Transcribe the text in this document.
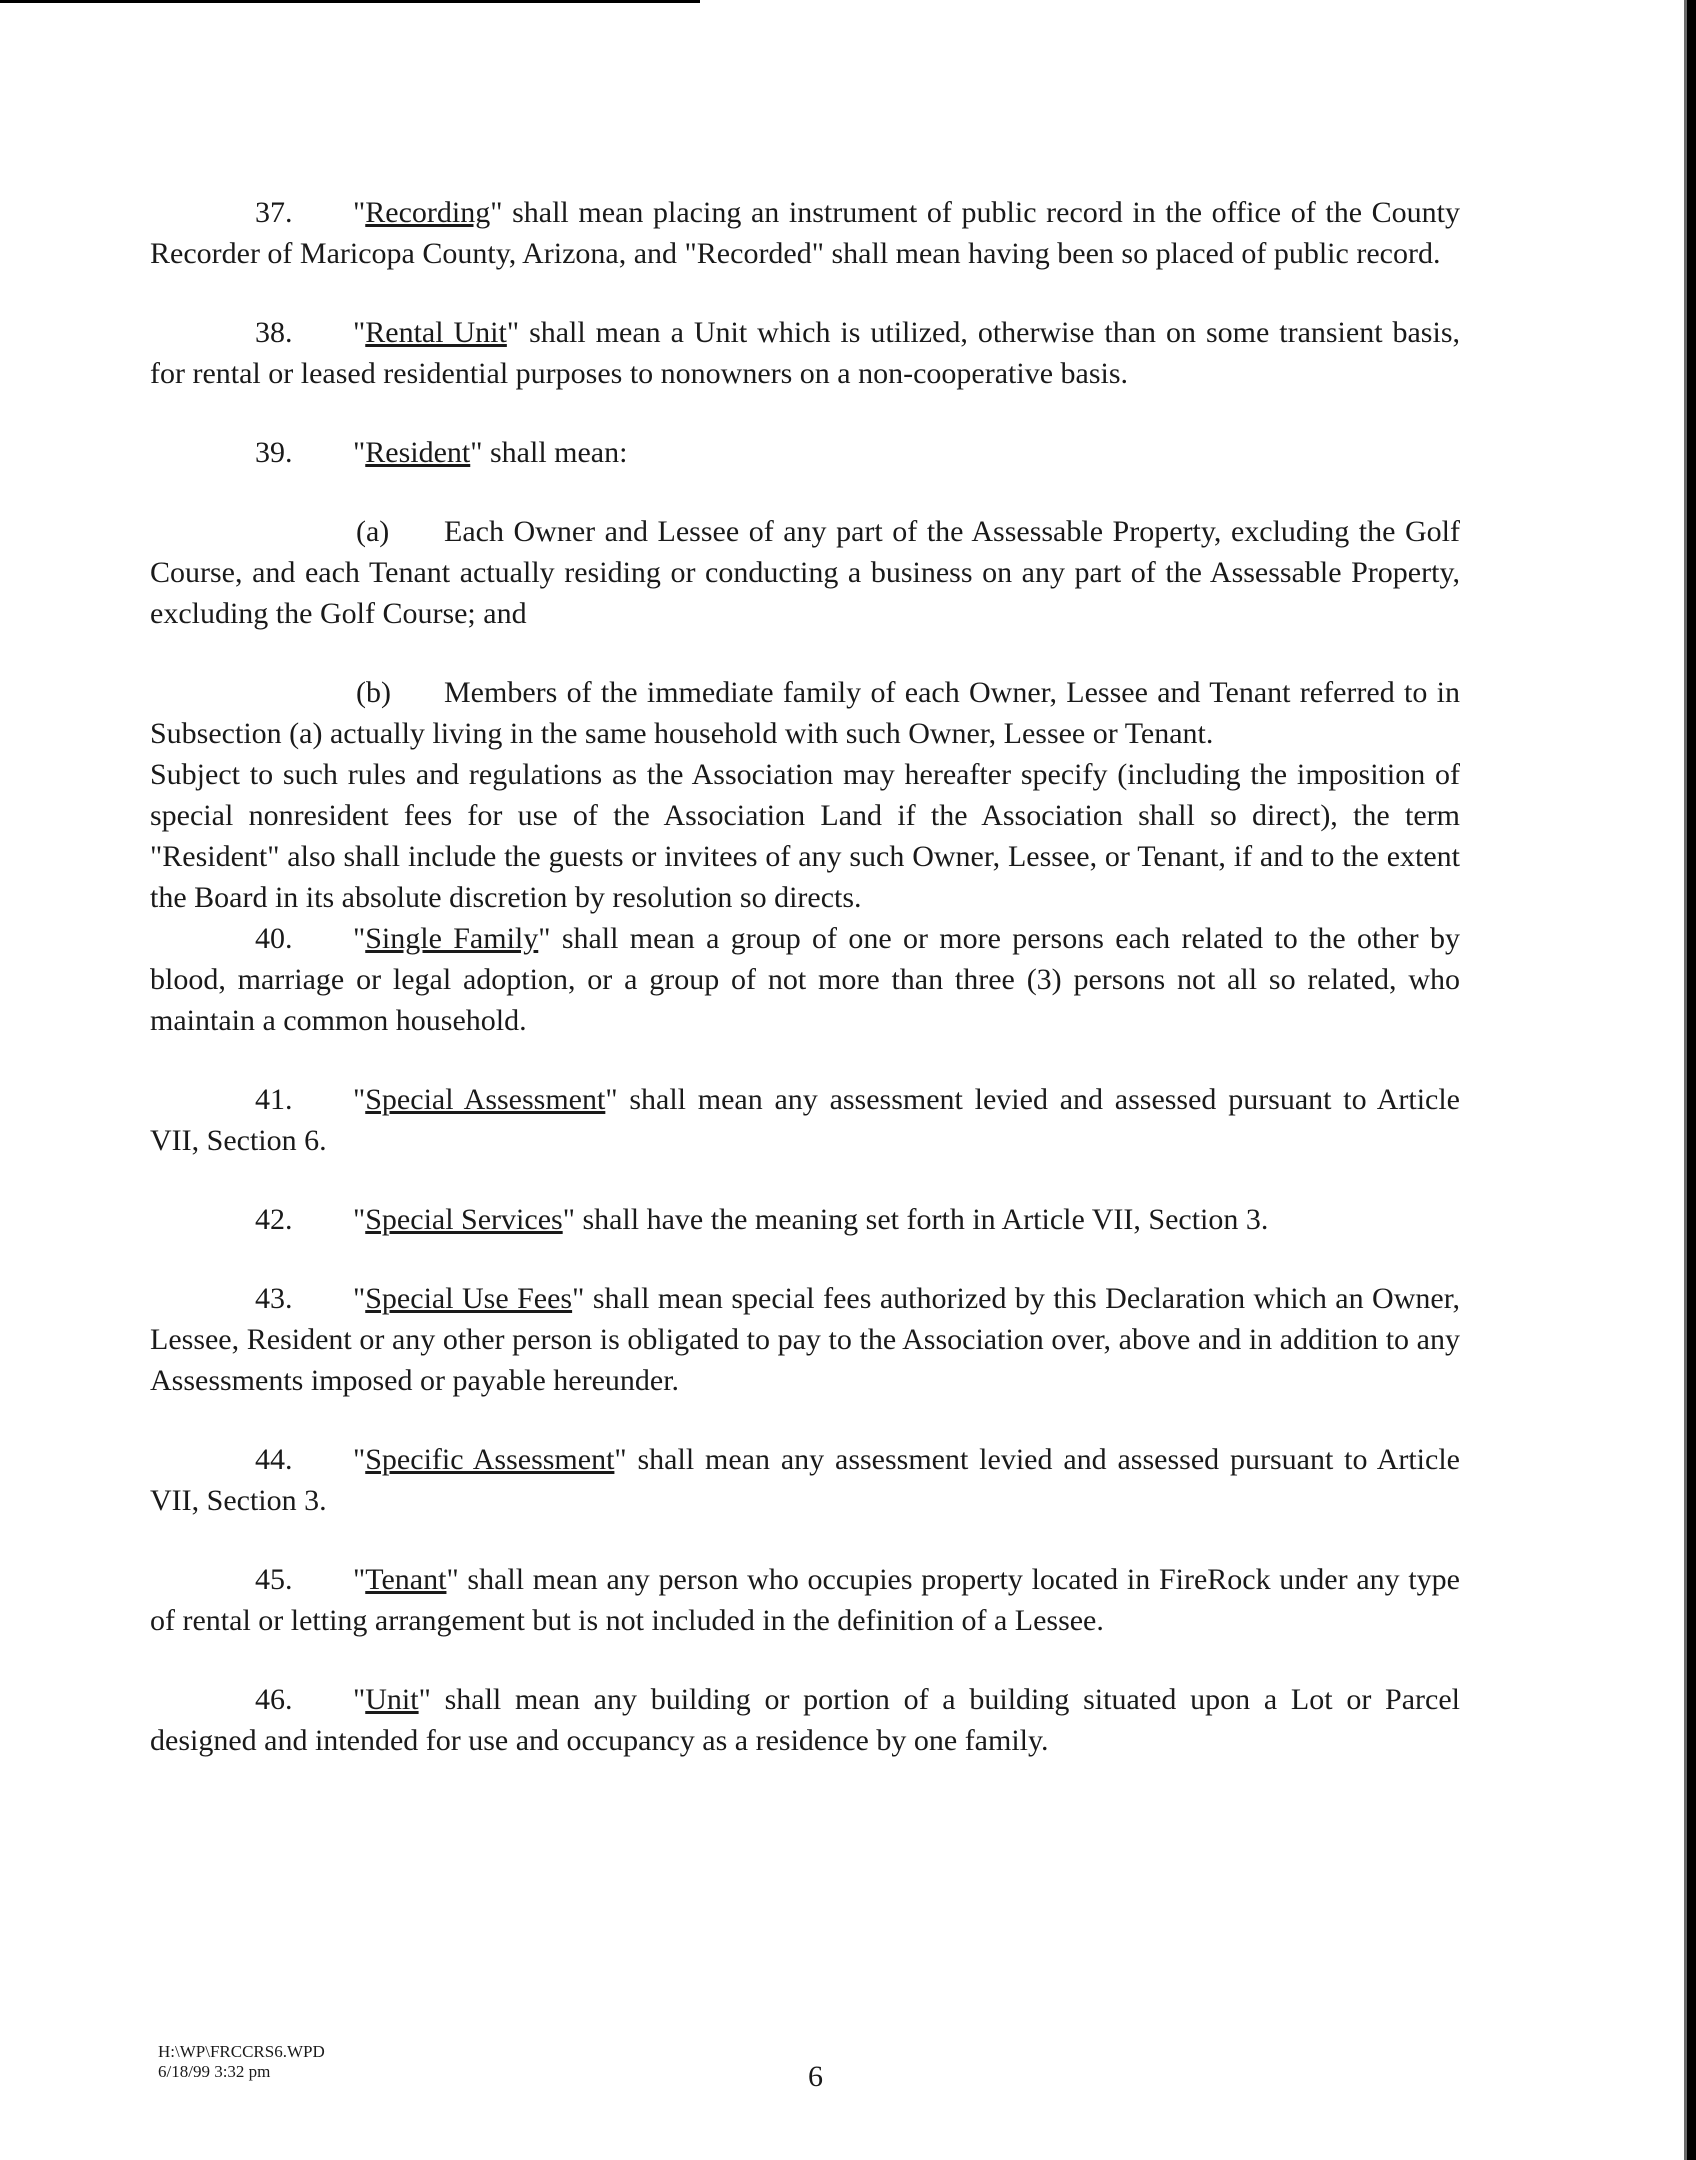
37. "Recording" shall mean placing an instrument of public record in the office of the County Recorder of Maricopa County, Arizona, and "Recorded" shall mean having been so placed of public record.

38. "Rental Unit" shall mean a Unit which is utilized, otherwise than on some transient basis, for rental or leased residential purposes to nonowners on a non-cooperative basis.

39. "Resident" shall mean:

(a) Each Owner and Lessee of any part of the Assessable Property, excluding the Golf Course, and each Tenant actually residing or conducting a business on any part of the Assessable Property, excluding the Golf Course; and

(b) Members of the immediate family of each Owner, Lessee and Tenant referred to in Subsection (a) actually living in the same household with such Owner, Lessee or Tenant.

Subject to such rules and regulations as the Association may hereafter specify (including the imposition of special nonresident fees for use of the Association Land if the Association shall so direct), the term "Resident" also shall include the guests or invitees of any such Owner, Lessee, or Tenant, if and to the extent the Board in its absolute discretion by resolution so directs.

40. "Single Family" shall mean a group of one or more persons each related to the other by blood, marriage or legal adoption, or a group of not more than three (3) persons not all so related, who maintain a common household.

41. "Special Assessment" shall mean any assessment levied and assessed pursuant to Article VII, Section 6.

42. "Special Services" shall have the meaning set forth in Article VII, Section 3.

43. "Special Use Fees" shall mean special fees authorized by this Declaration which an Owner, Lessee, Resident or any other person is obligated to pay to the Association over, above and in addition to any Assessments imposed or payable hereunder.

44. "Specific Assessment" shall mean any assessment levied and assessed pursuant to Article VII, Section 3.

45. "Tenant" shall mean any person who occupies property located in FireRock under any type of rental or letting arrangement but is not included in the definition of a Lessee.

46. "Unit" shall mean any building or portion of a building situated upon a Lot or Parcel designed and intended for use and occupancy as a residence by one family.

H:\WP\FRCCRS6.WPD
6/18/99 3:32 pm	6
